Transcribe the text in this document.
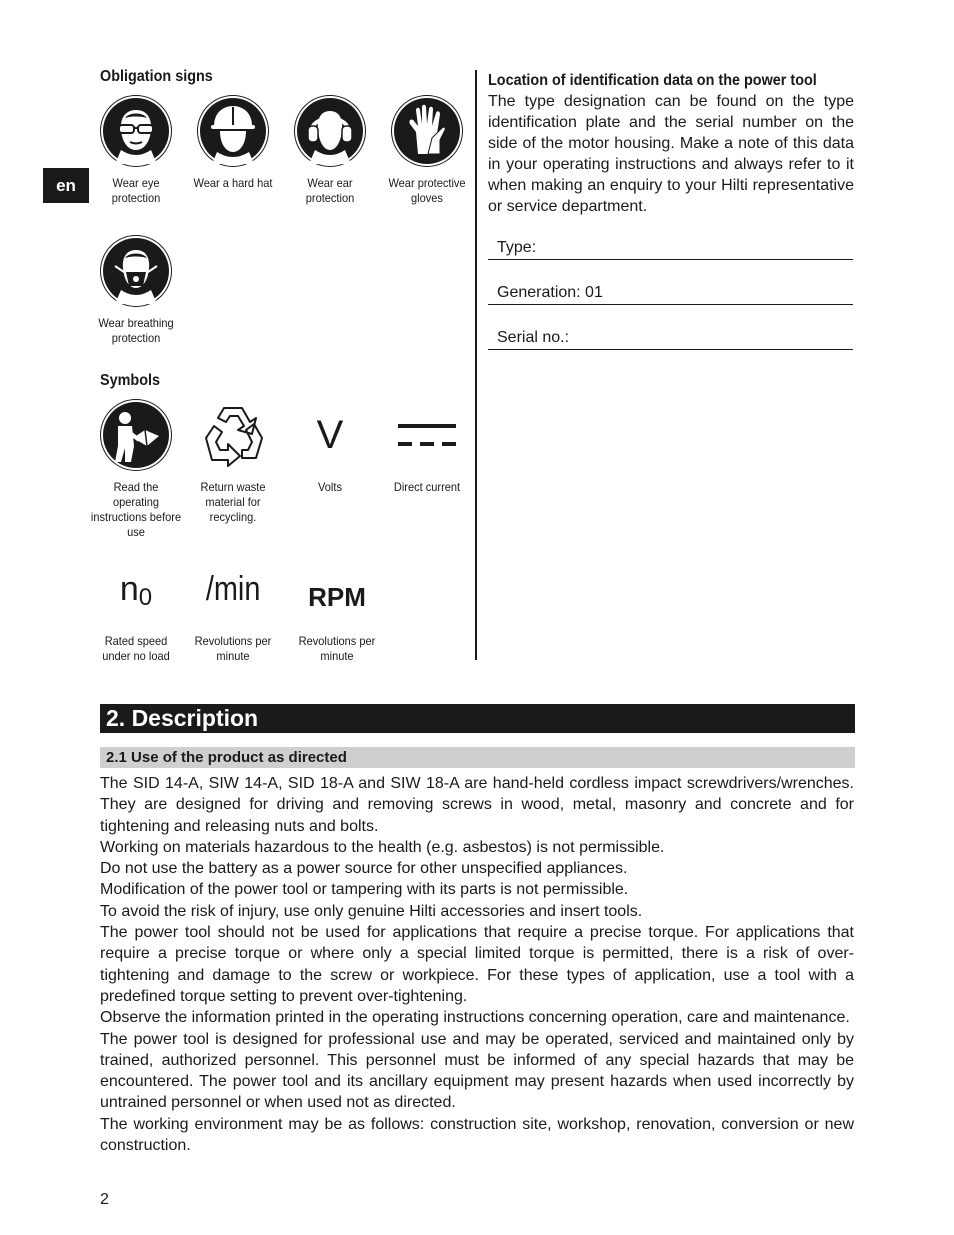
en
Obligation signs
Wear eye protection
Wear a hard hat	Wear ear protection
Wear protective gloves
Wear breathing protection
Symbols
Read the operating instructions before use
Return waste material for recycling.
V
Volts	Direct current
n 0
Rated speed under no load
/min
Revolutions per minute
RPM
Revolutions per minute
Location of identification data on the power tool
The type designation can be found on the type identification plate and the serial number on the side of the motor housing. Make a note of this data in your operating instructions and always refer to it when making an enquiry to your Hilti representative or service department.
Type:
Generation: 01
Serial no.:
2. Description
2.1 Use of the product as directed

The SID 14-A, SIW 14-A, SID 18-A and SIW 18-A are hand-held cordless impact screwdrivers/wrenches. They are designed for driving and removing screws in wood, metal, masonry and concrete and for tightening and releasing nuts and bolts.

Working on materials hazardous to the health (e.g. asbestos) is not permissible.

Do not use the battery as a power source for other unspecified appliances.

Modification of the power tool or tampering with its parts is not permissible.

To avoid the risk of injury, use only genuine Hilti accessories and insert tools.

The power tool should not be used for applications that require a precise torque. For applications that require a precise torque or where only a special limited torque is permitted, there is a risk of over-tightening and damage to the screw or workpiece. For these types of application, use a tool with a predefined torque setting to prevent over-tightening.

Observe the information printed in the operating instructions concerning operation, care and maintenance.

The power tool is designed for professional use and may be operated, serviced and maintained only by trained, authorized personnel. This personnel must be informed of any special hazards that may be encountered. The power tool and its ancillary equipment may present hazards when used incorrectly by untrained personnel or when used not as directed.

The working environment may be as follows: construction site, workshop, renovation, conversion or new construction.

2
